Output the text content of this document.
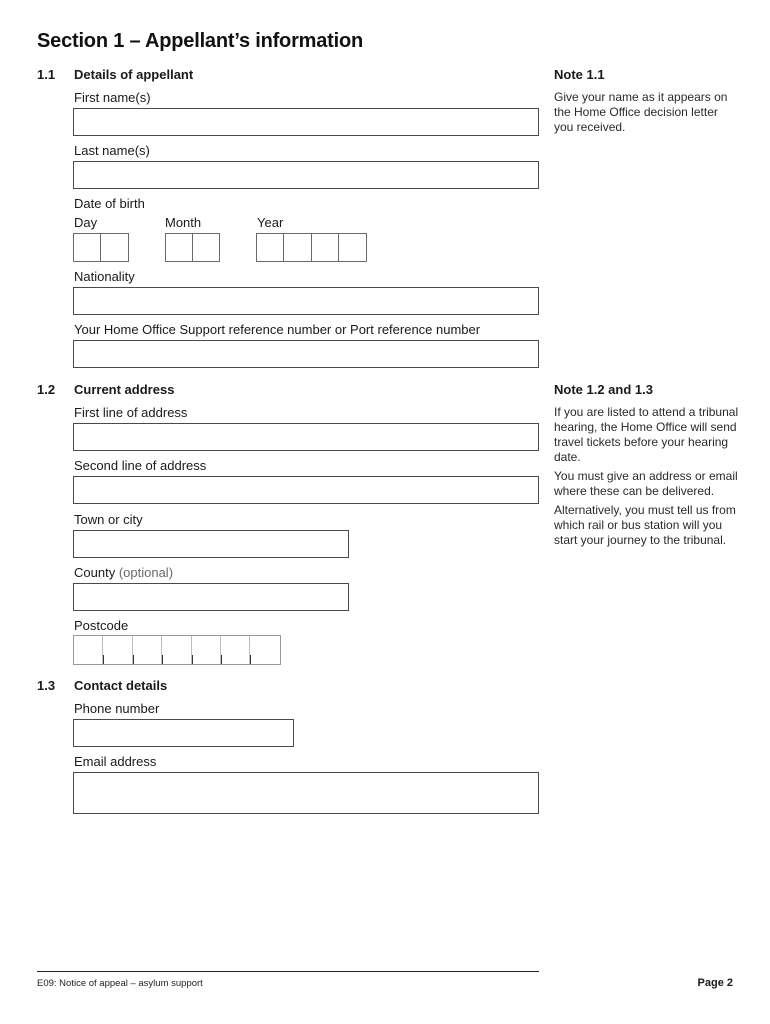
Section 1 – Appellant’s information
1.1 Details of appellant
First name(s)
Last name(s)
Date of birth
Day	Month	Year
Nationality
Your Home Office Support reference number or Port reference number
Note 1.1
Give your name as it appears on the Home Office decision letter you received.
1.2 Current address
First line of address
Second line of address
Town or city
County (optional)
Postcode
Note 1.2 and 1.3

If you are listed to attend a tribunal hearing, the Home Office will send travel tickets before your hearing date.

You must give an address or email where these can be delivered.

Alternatively, you must tell us from which rail or bus station will you start your journey to the tribunal.

1.3 Contact details
Phone number
Email address
E09: Notice of appeal – asylum support	Page 2
